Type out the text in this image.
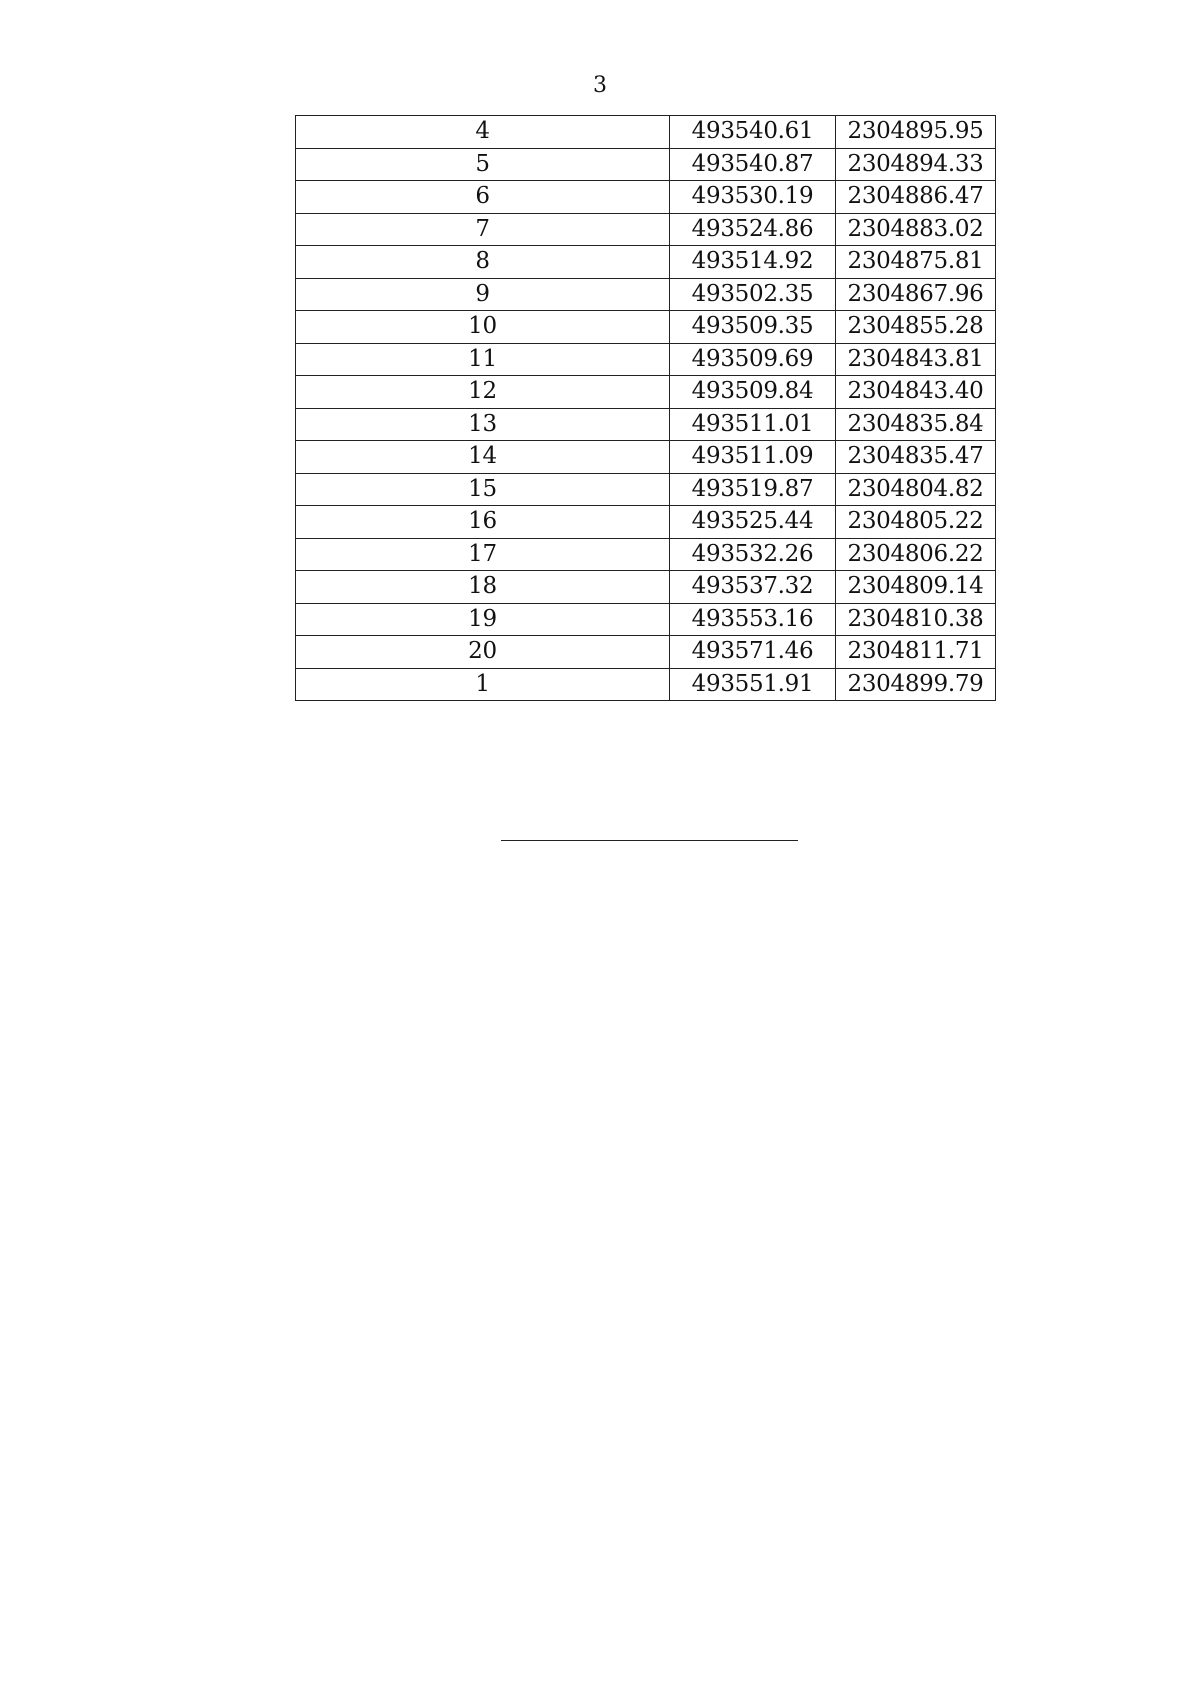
3
4	493540.61	2304895.95
5	493540.87	2304894.33
6	493530.19	2304886.47
7	493524.86	2304883.02
8	493514.92	2304875.81
9	493502.35	2304867.96
10	493509.35	2304855.28
11	493509.69	2304843.81
12	493509.84	2304843.40
13	493511.01	2304835.84
14	493511.09	2304835.47
15	493519.87	2304804.82
16	493525.44	2304805.22
17	493532.26	2304806.22
18	493537.32	2304809.14
19	493553.16	2304810.38
20	493571.46	2304811.71
1	493551.91	2304899.79
